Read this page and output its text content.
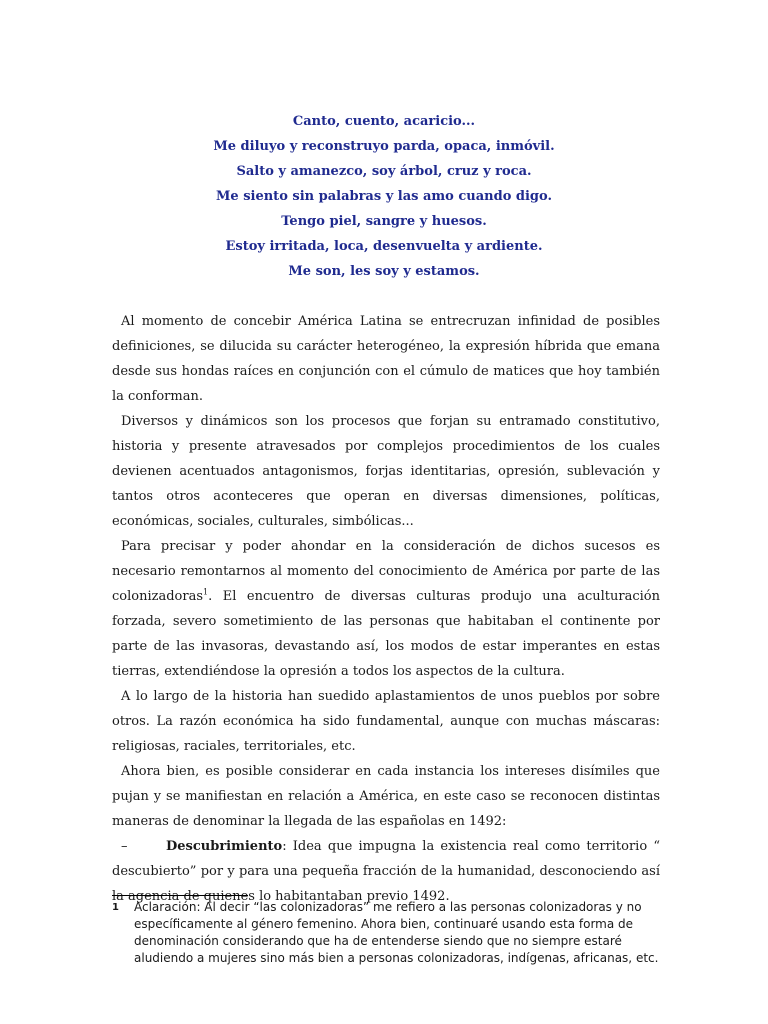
Canto, cuento, acaricio...
Me diluyo y reconstruyo parda, opaca, inmóvil.
Salto y amanezco, soy árbol, cruz y roca.
Me siento sin palabras y las amo cuando digo.
Tengo piel, sangre y huesos.
Estoy irritada, loca, desenvuelta y ardiente.
Me son, les soy y estamos.

Al momento de concebir América Latina se entrecruzan infinidad de posibles definiciones, se dilucida su carácter heterogéneo, la expresión híbrida que emana desde sus hondas raíces en conjunción con el cúmulo de matices que hoy también la conforman.

Diversos y dinámicos son los procesos que forjan su entramado constitutivo, historia y presente atravesados por complejos procedimientos de los cuales devienen acentuados antagonismos, forjas identitarias, opresión, sublevación y tantos otros aconteceres que operan en diversas dimensiones, políticas, económicas, sociales, culturales, simbólicas...

Para precisar y poder ahondar en la consideración de dichos sucesos es necesario remontarnos al momento del conocimiento de América por parte de las colonizadoras$^1$. El encuentro de diversas culturas produjo una aculturación forzada, severo sometimiento de las personas que habitaban el continente por parte de las invasoras, devastando así, los modos de estar imperantes en estas tierras, extendiéndose la opresión a todos los aspectos de la cultura.

A lo largo de la historia han suedido aplastamientos de unos pueblos por sobre otros. La razón económica ha sido fundamental, aunque con muchas máscaras: religiosas, raciales, territoriales, etc.

Ahora bien, es posible considerar en cada instancia los intereses disímiles que pujan y se manifiestan en relación a América, en este caso se reconocen distintas maneras de denominar la llegada de las españolas en 1492:

–	Descubrimiento: Idea que impugna la existencia real como territorio “ descubierto” por y para una pequeña fracción de la humanidad, desconociendo así la agencia de quienes lo habitantaban previo 1492.

1 Aclaración: Al decir “las colonizadoras” me refiero a las personas colonizadoras y no específicamente al género femenino. Ahora bien, continuaré usando esta forma de denominación considerando que ha de entenderse siendo que no siempre estaré aludiendo a mujeres sino más bien a personas colonizadoras, indígenas, africanas, etc.
